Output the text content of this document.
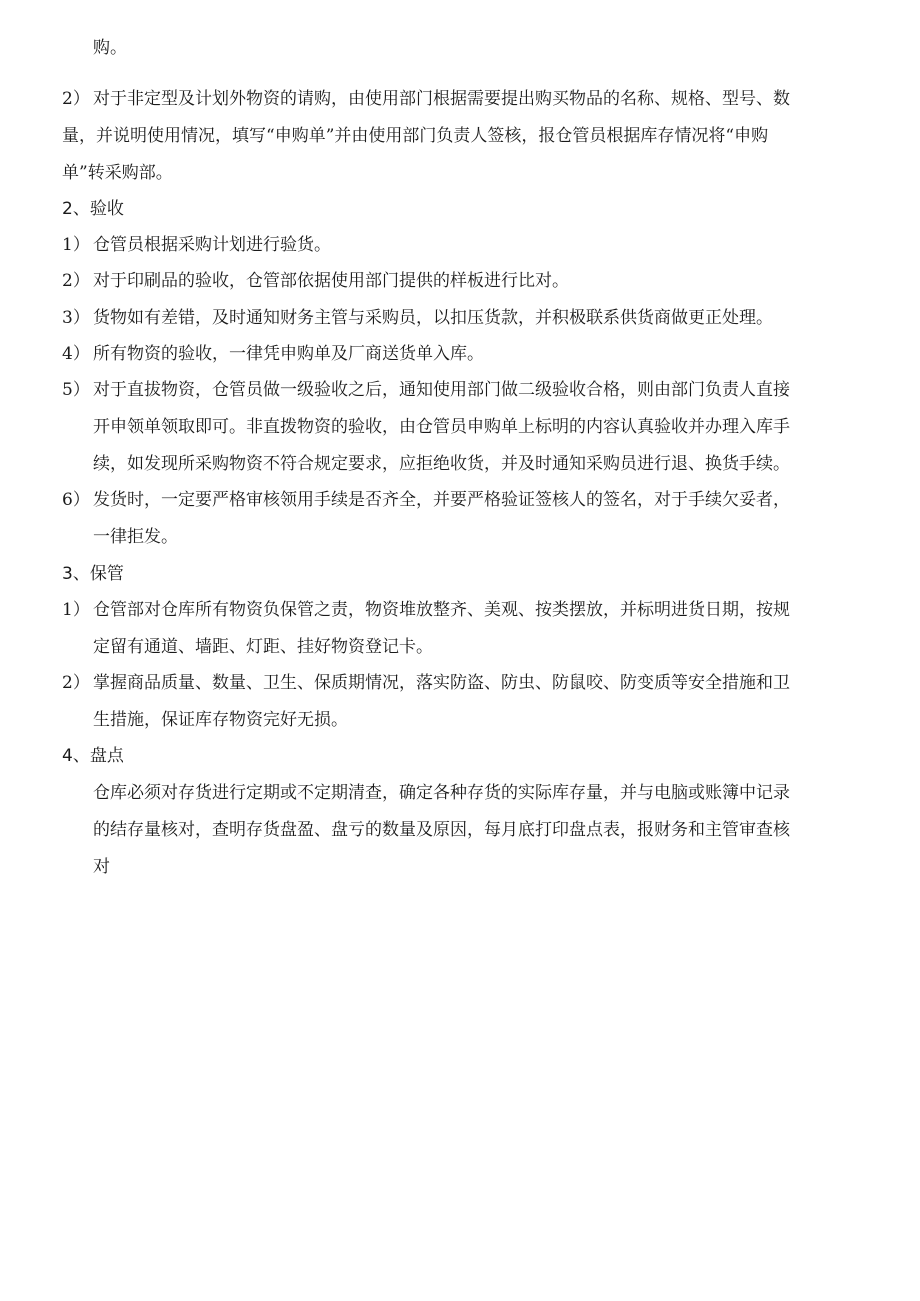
购。
2） 对于非定型及计划外物资的请购，由使用部门根据需要提出购买物品的名称、规格、型号、数
量，并说明使用情况，填写“申购单”并由使用部门负责人签核，报仓管员根据库存情况将“申购
单”转采购部。
2、验收
1） 仓管员根据采购计划进行验货。
2） 对于印刷品的验收，仓管部依据使用部门提供的样板进行比对。
3） 货物如有差错，及时通知财务主管与采购员，以扣压货款，并积极联系供货商做更正处理。
4） 所有物资的验收，一律凭申购单及厂商送货单入库。
5） 对于直拔物资，仓管员做一级验收之后，通知使用部门做二级验收合格，则由部门负责人直接
开申领单领取即可。非直拨物资的验收，由仓管员申购单上标明的内容认真验收并办理入库手
续，如发现所采购物资不符合规定要求，应拒绝收货，并及时通知采购员进行退、换货手续。
6） 发货时，一定要严格审核领用手续是否齐全，并要严格验证签核人的签名，对于手续欠妥者，
一律拒发。
3、保管
1） 仓管部对仓库所有物资负保管之责，物资堆放整齐、美观、按类摆放，并标明进货日期，按规
定留有通道、墙距、灯距、挂好物资登记卡。
2） 掌握商品质量、数量、卫生、保质期情况，落实防盗、防虫、防鼠咬、防变质等安全措施和卫
生措施，保证库存物资完好无损。
4、盘点
仓库必须对存货进行定期或不定期清查，确定各种存货的实际库存量，并与电脑或账簿中记录
的结存量核对，查明存货盘盈、盘亏的数量及原因，每月底打印盘点表，报财务和主管审查核
对
